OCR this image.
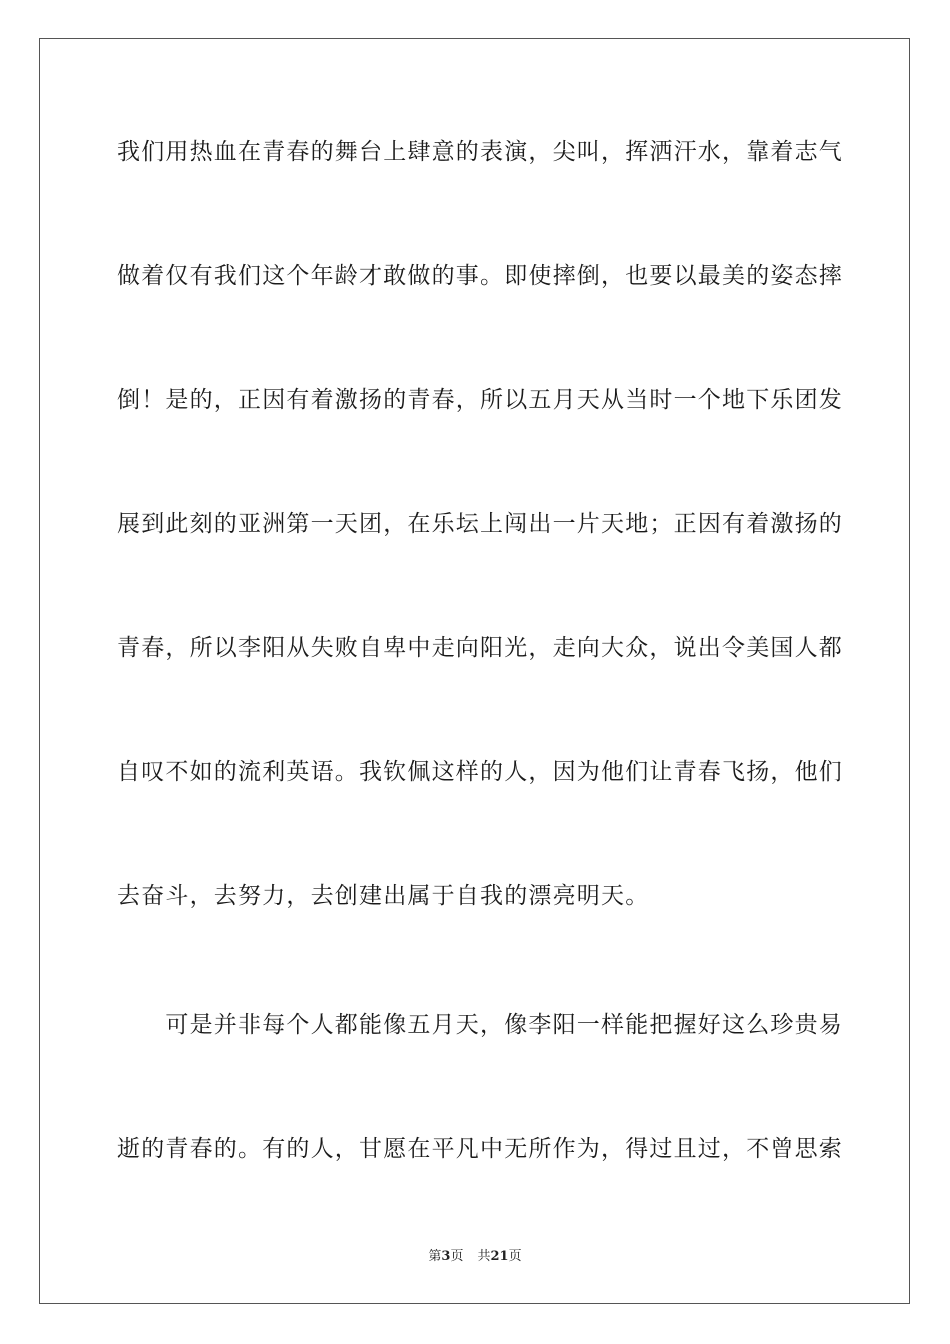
我们用热血在青春的舞台上肆意的表演，尖叫，挥洒汗水，靠着志气
做着仅有我们这个年龄才敢做的事。即使摔倒，也要以最美的姿态摔
倒！是的，正因有着激扬的青春，所以五月天从当时一个地下乐团发
展到此刻的亚洲第一天团，在乐坛上闯出一片天地；正因有着激扬的
青春，所以李阳从失败自卑中走向阳光，走向大众，说出令美国人都
自叹不如的流利英语。我钦佩这样的人，因为他们让青春飞扬，他们
去奋斗，去努力，去创建出属于自我的漂亮明天。
　　可是并非每个人都能像五月天，像李阳一样能把握好这么珍贵易
逝的青春的。有的人，甘愿在平凡中无所作为，得过且过，不曾思索
第3页 共21页
